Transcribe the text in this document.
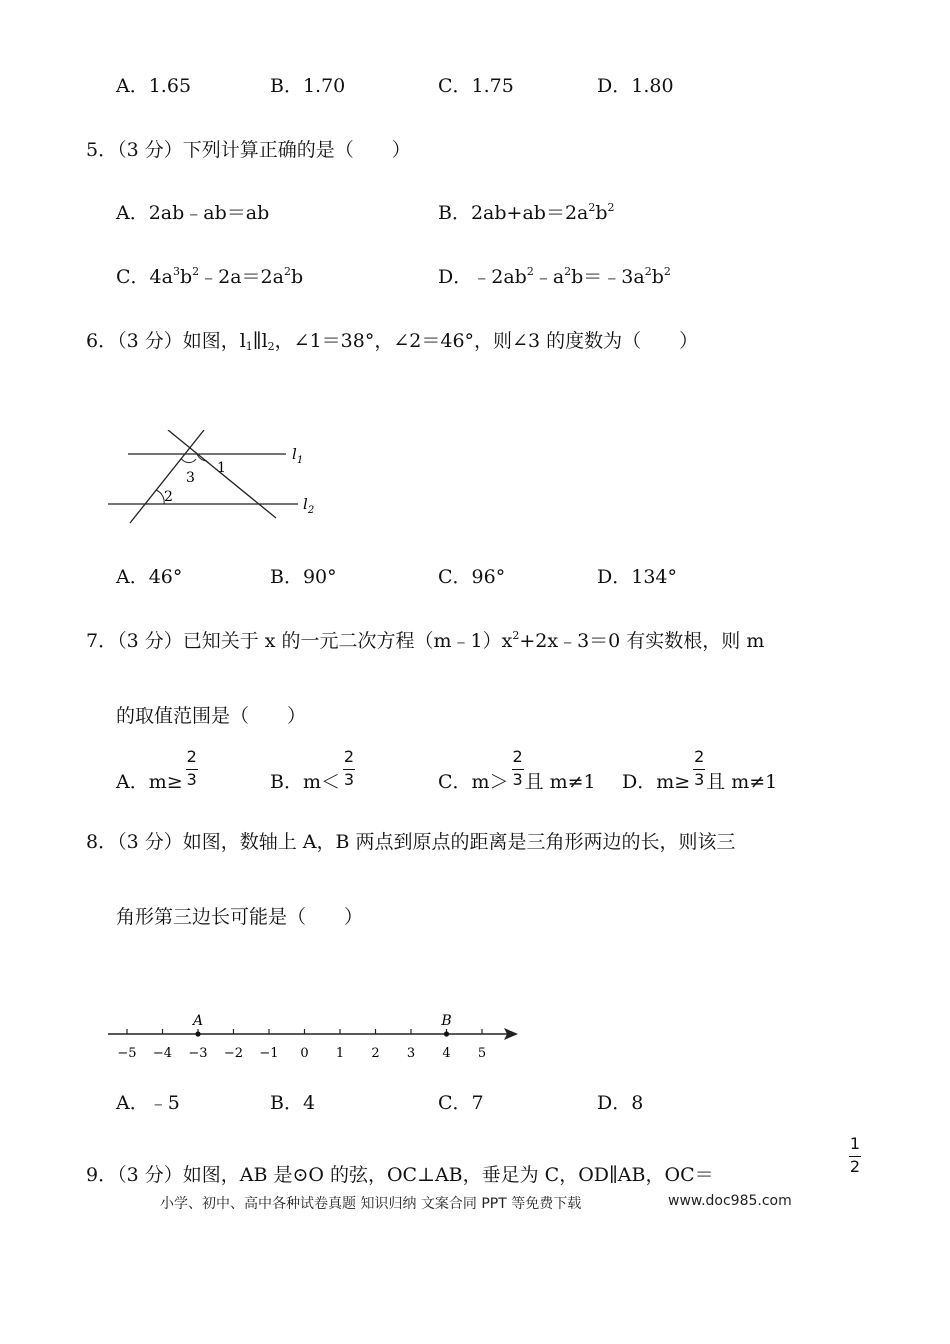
A．1.65	B．1.70	C．1.75	D．1.80
5．（3 分）下列计算正确的是（　　）
A．2ab﹣ab＝ab	B．$2ab+ab=2a^2b^2$
C．$4a^3b^2﹣2a=2a^2b$	D．$﹣2ab^2﹣a^2b=﹣3a^2b^2$
6．（3 分）如图，$l_1\parallel l_2$，∠1＝38°，∠2＝46°，则∠3 的度数为（　　）
1
3
2
$l_1$
$l_2$
A．46°	B．90°	C．96°	D．134°
7．（3 分）已知关于 x 的一元二次方程$(m﹣1)x^2+2x﹣3=0$ 有实数根，则 m
的取值范围是（　　）
A．$m\ge \frac{2}{3}$	B．$m< \frac{2}{3}$	C．$m> \frac{2}{3}$ 且 m≠1 D．$m\ge \frac{2}{3}$ 且 m≠1
8．（3 分）如图，数轴上 A，B 两点到原点的距离是三角形两边的长，则该三
角形第三边长可能是（　　）
−5 −4 −3 −2 −1 0 1 2 3 4 5
A	B
A．﹣5	B．4	C．7	D．8
9．（3 分）如图，AB 是⊙O 的弦，OC⊥AB，垂足为 C，OD∥AB，OC＝	$\frac{1}{2}$
小学、初中、高中各种试卷真题 知识归纳 文案合同 PPT 等免费下载	www.doc985.com
